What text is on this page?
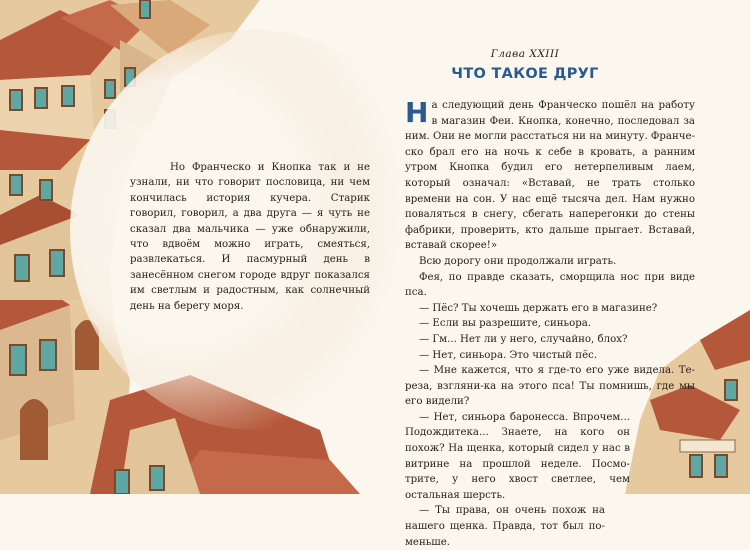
Но Франческо и Кнопка так и не узнали, ни что говорит пословица, ни чем кончилась история кучера. Старик говорил, говорил, а два друга — я чуть не сказал два мальчика — уже обнаружили, что вдвоём можно играть, смеяться, развлекаться. И пасмурный день в занесённом снегом городе вдруг показался им светлым и радостным, как солнечный день на берегу моря.

Глава XXIII
ЧТО ТАКОЕ ДРУГ

На следующий день Франческо пошёл на работу в магазин Феи. Кнопка, конечно, последовал за ним. Они не могли расстаться ни на минуту. Франческо брал его на ночь к себе в кровать, а ранним утром Кнопка будил его нетерпеливым лаем, который означал: «Вставай, не трать столько времени на сон. У нас ещё тысяча дел. Нам нужно поваляться в снегу, сбегать наперегонки до стены фабрики, проверить, кто дальше прыгает. Вставай, вставай скорее!»

Всю дорогу они продолжали играть.

Фея, по правде сказать, сморщила нос при виде пса.

— Пёс? Ты хочешь держать его в магазине?

— Если вы разрешите, синьора.

— Гм... Нет ли у него, случайно, блох?

— Нет, синьора. Это чистый пёс.

— Мне кажется, что я где-то его уже видела. Тереза, взгляни-ка на этого пса! Ты помнишь, где мы его видели?

— Нет, синьора баронесса. Впрочем... Подождитека... Знаете, на кого он похож? На щенка, который сидел у нас в витрине на прошлой неделе. Посмотрите, у него хвост светлее, чем остальная шерсть.

— Ты права, он очень похож на нашего щенка. Правда, тот был поменьше.
